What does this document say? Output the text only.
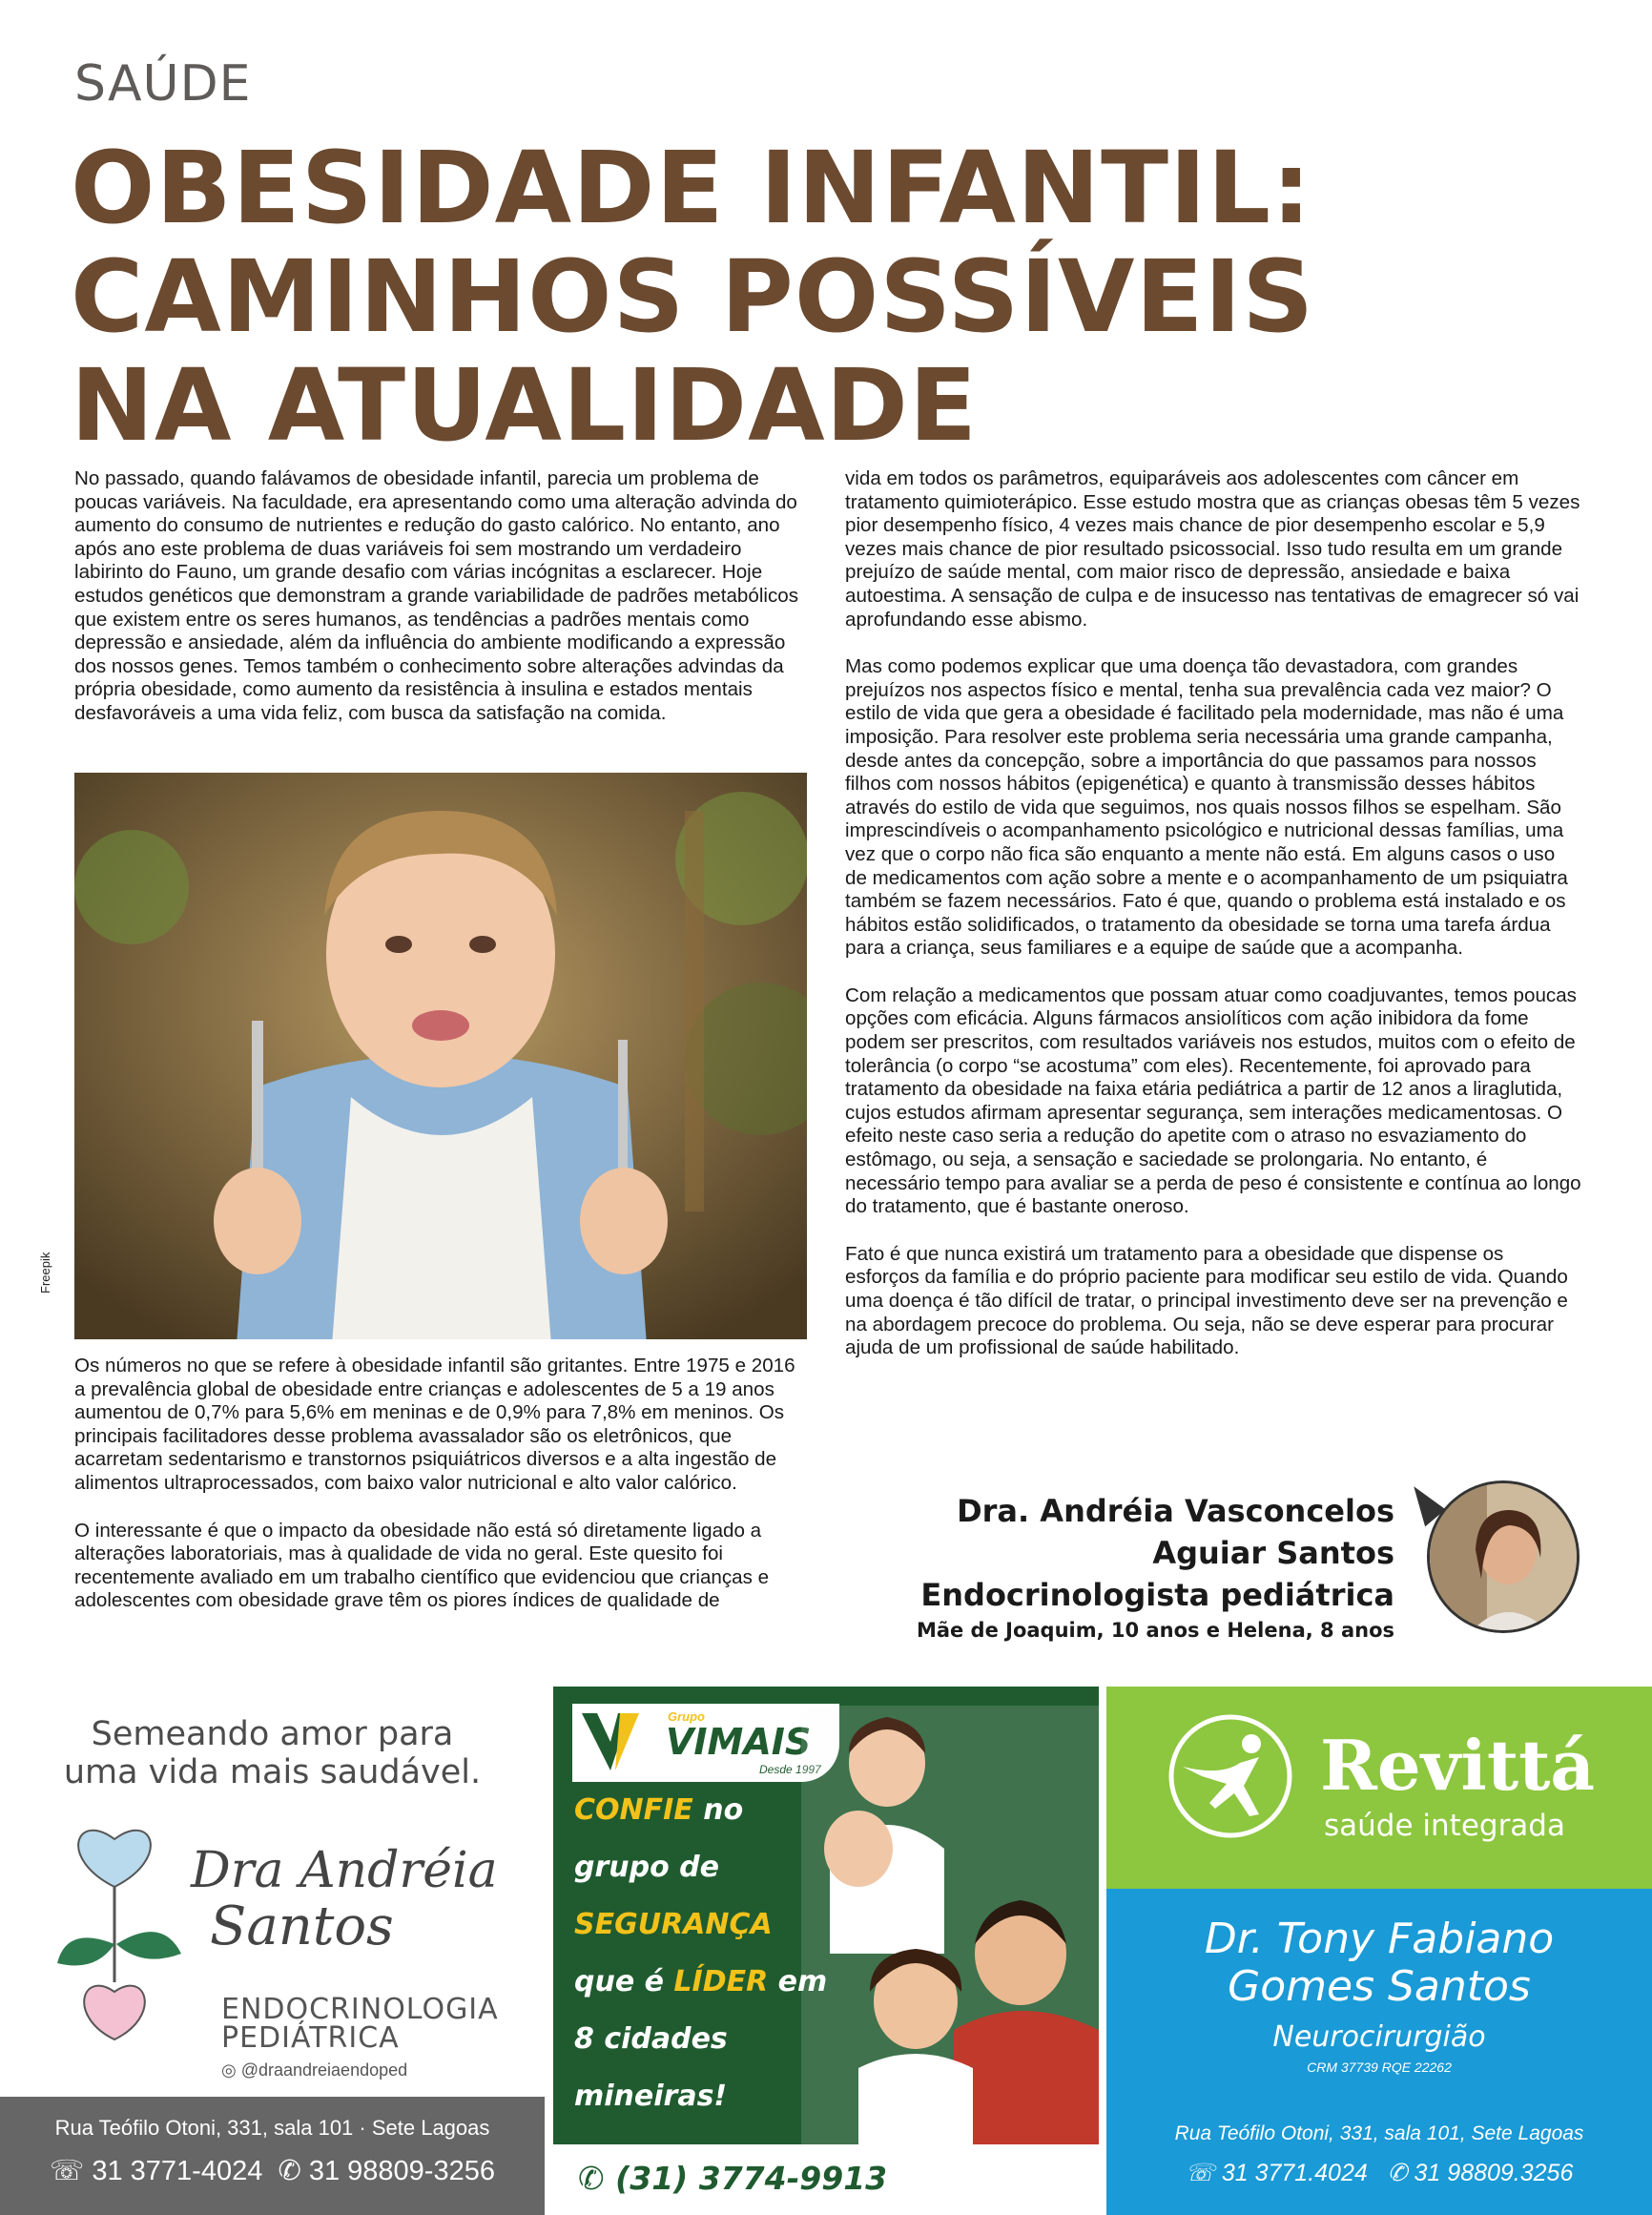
SAÚDE
OBESIDADE INFANTIL:
CAMINHOS POSSÍVEIS
NA ATUALIDADE

No passado, quando falávamos de obesidade infantil, parecia um problema de poucas variáveis. Na faculdade, era apresentando como uma alteração advinda do aumento do consumo de nutrientes e redução do gasto calórico. No entanto, ano após ano este problema de duas variáveis foi sem mostrando um verdadeiro labirinto do Fauno, um grande desafio com várias incógnitas a esclarecer. Hoje estudos genéticos que demonstram a grande variabilidade de padrões metabólicos que existem entre os seres humanos, as tendências a padrões mentais como depressão e ansiedade, além da influência do ambiente modificando a expressão dos nossos genes. Temos também o conhecimento sobre alterações advindas da própria obesidade, como aumento da resistência à insulina e estados mentais desfavoráveis a uma vida feliz, com busca da satisfação na comida.

Freepik

Os números no que se refere à obesidade infantil são gritantes. Entre 1975 e 2016 a prevalência global de obesidade entre crianças e adolescentes de 5 a 19 anos aumentou de 0,7% para 5,6% em meninas e de 0,9% para 7,8% em meninos. Os principais facilitadores desse problema avassalador são os eletrônicos, que acarretam sedentarismo e transtornos psiquiátricos diversos e a alta ingestão de alimentos ultraprocessados, com baixo valor nutricional e alto valor calórico.

O interessante é que o impacto da obesidade não está só diretamente ligado a alterações laboratoriais, mas à qualidade de vida no geral. Este quesito foi recentemente avaliado em um trabalho científico que evidenciou que crianças e adolescentes com obesidade grave têm os piores índices de qualidade de

vida em todos os parâmetros, equiparáveis aos adolescentes com câncer em tratamento quimioterápico. Esse estudo mostra que as crianças obesas têm 5 vezes pior desempenho físico, 4 vezes mais chance de pior desempenho escolar e 5,9 vezes mais chance de pior resultado psicossocial. Isso tudo resulta em um grande prejuízo de saúde mental, com maior risco de depressão, ansiedade e baixa autoestima. A sensação de culpa e de insucesso nas tentativas de emagrecer só vai aprofundando esse abismo.

Mas como podemos explicar que uma doença tão devastadora, com grandes prejuízos nos aspectos físico e mental, tenha sua prevalência cada vez maior? O estilo de vida que gera a obesidade é facilitado pela modernidade, mas não é uma imposição. Para resolver este problema seria necessária uma grande campanha, desde antes da concepção, sobre a importância do que passamos para nossos filhos com nossos hábitos (epigenética) e quanto à transmissão desses hábitos através do estilo de vida que seguimos, nos quais nossos filhos se espelham. São imprescindíveis o acompanhamento psicológico e nutricional dessas famílias, uma vez que o corpo não fica são enquanto a mente não está. Em alguns casos o uso de medicamentos com ação sobre a mente e o acompanhamento de um psiquiatra também se fazem necessários. Fato é que, quando o problema está instalado e os hábitos estão solidificados, o tratamento da obesidade se torna uma tarefa árdua para a criança, seus familiares e a equipe de saúde que a acompanha.

Com relação a medicamentos que possam atuar como coadjuvantes, temos poucas opções com eficácia. Alguns fármacos ansiolíticos com ação inibidora da fome podem ser prescritos, com resultados variáveis nos estudos, muitos com o efeito de tolerância (o corpo “se acostuma” com eles). Recentemente, foi aprovado para tratamento da obesidade na faixa etária pediátrica a partir de 12 anos a liraglutida, cujos estudos afirmam apresentar segurança, sem interações medicamentosas. O efeito neste caso seria a redução do apetite com o atraso no esvaziamento do estômago, ou seja, a sensação e saciedade se prolongaria. No entanto, é necessário tempo para avaliar se a perda de peso é consistente e contínua ao longo do tratamento, que é bastante oneroso.

Fato é que nunca existirá um tratamento para a obesidade que dispense os esforços da família e do próprio paciente para modificar seu estilo de vida. Quando uma doença é tão difícil de tratar, o principal investimento deve ser na prevenção e na abordagem precoce do problema. Ou seja, não se deve esperar para procurar ajuda de um profissional de saúde habilitado.

Dra. Andréia Vasconcelos
Aguiar Santos
Endocrinologista pediátrica
Mãe de Joaquim, 10 anos e Helena, 8 anos
Semeando amor para
uma vida mais saudável.
Dra Andréia
Santos
ENDOCRINOLOGIA
PEDIÁTRICA
◎ @draandreiaendoped
Rua Teófilo Otoni, 331, sala 101 · Sete Lagoas
☏ 31 3771-4024 ✆ 31 98809-3256
Grupo
VIMAIS
Desde 1997
CONFIE no
grupo de
SEGURANÇA
que é LÍDER em
8 cidades
mineiras!
✆ (31) 3774-9913
Revittá
saúde integrada
Dr. Tony Fabiano
Gomes Santos
Neurocirurgião
CRM 37739 RQE 22262
Rua Teófilo Otoni, 331, sala 101, Sete Lagoas
☏ 31 3771.4024 ✆ 31 98809.3256
